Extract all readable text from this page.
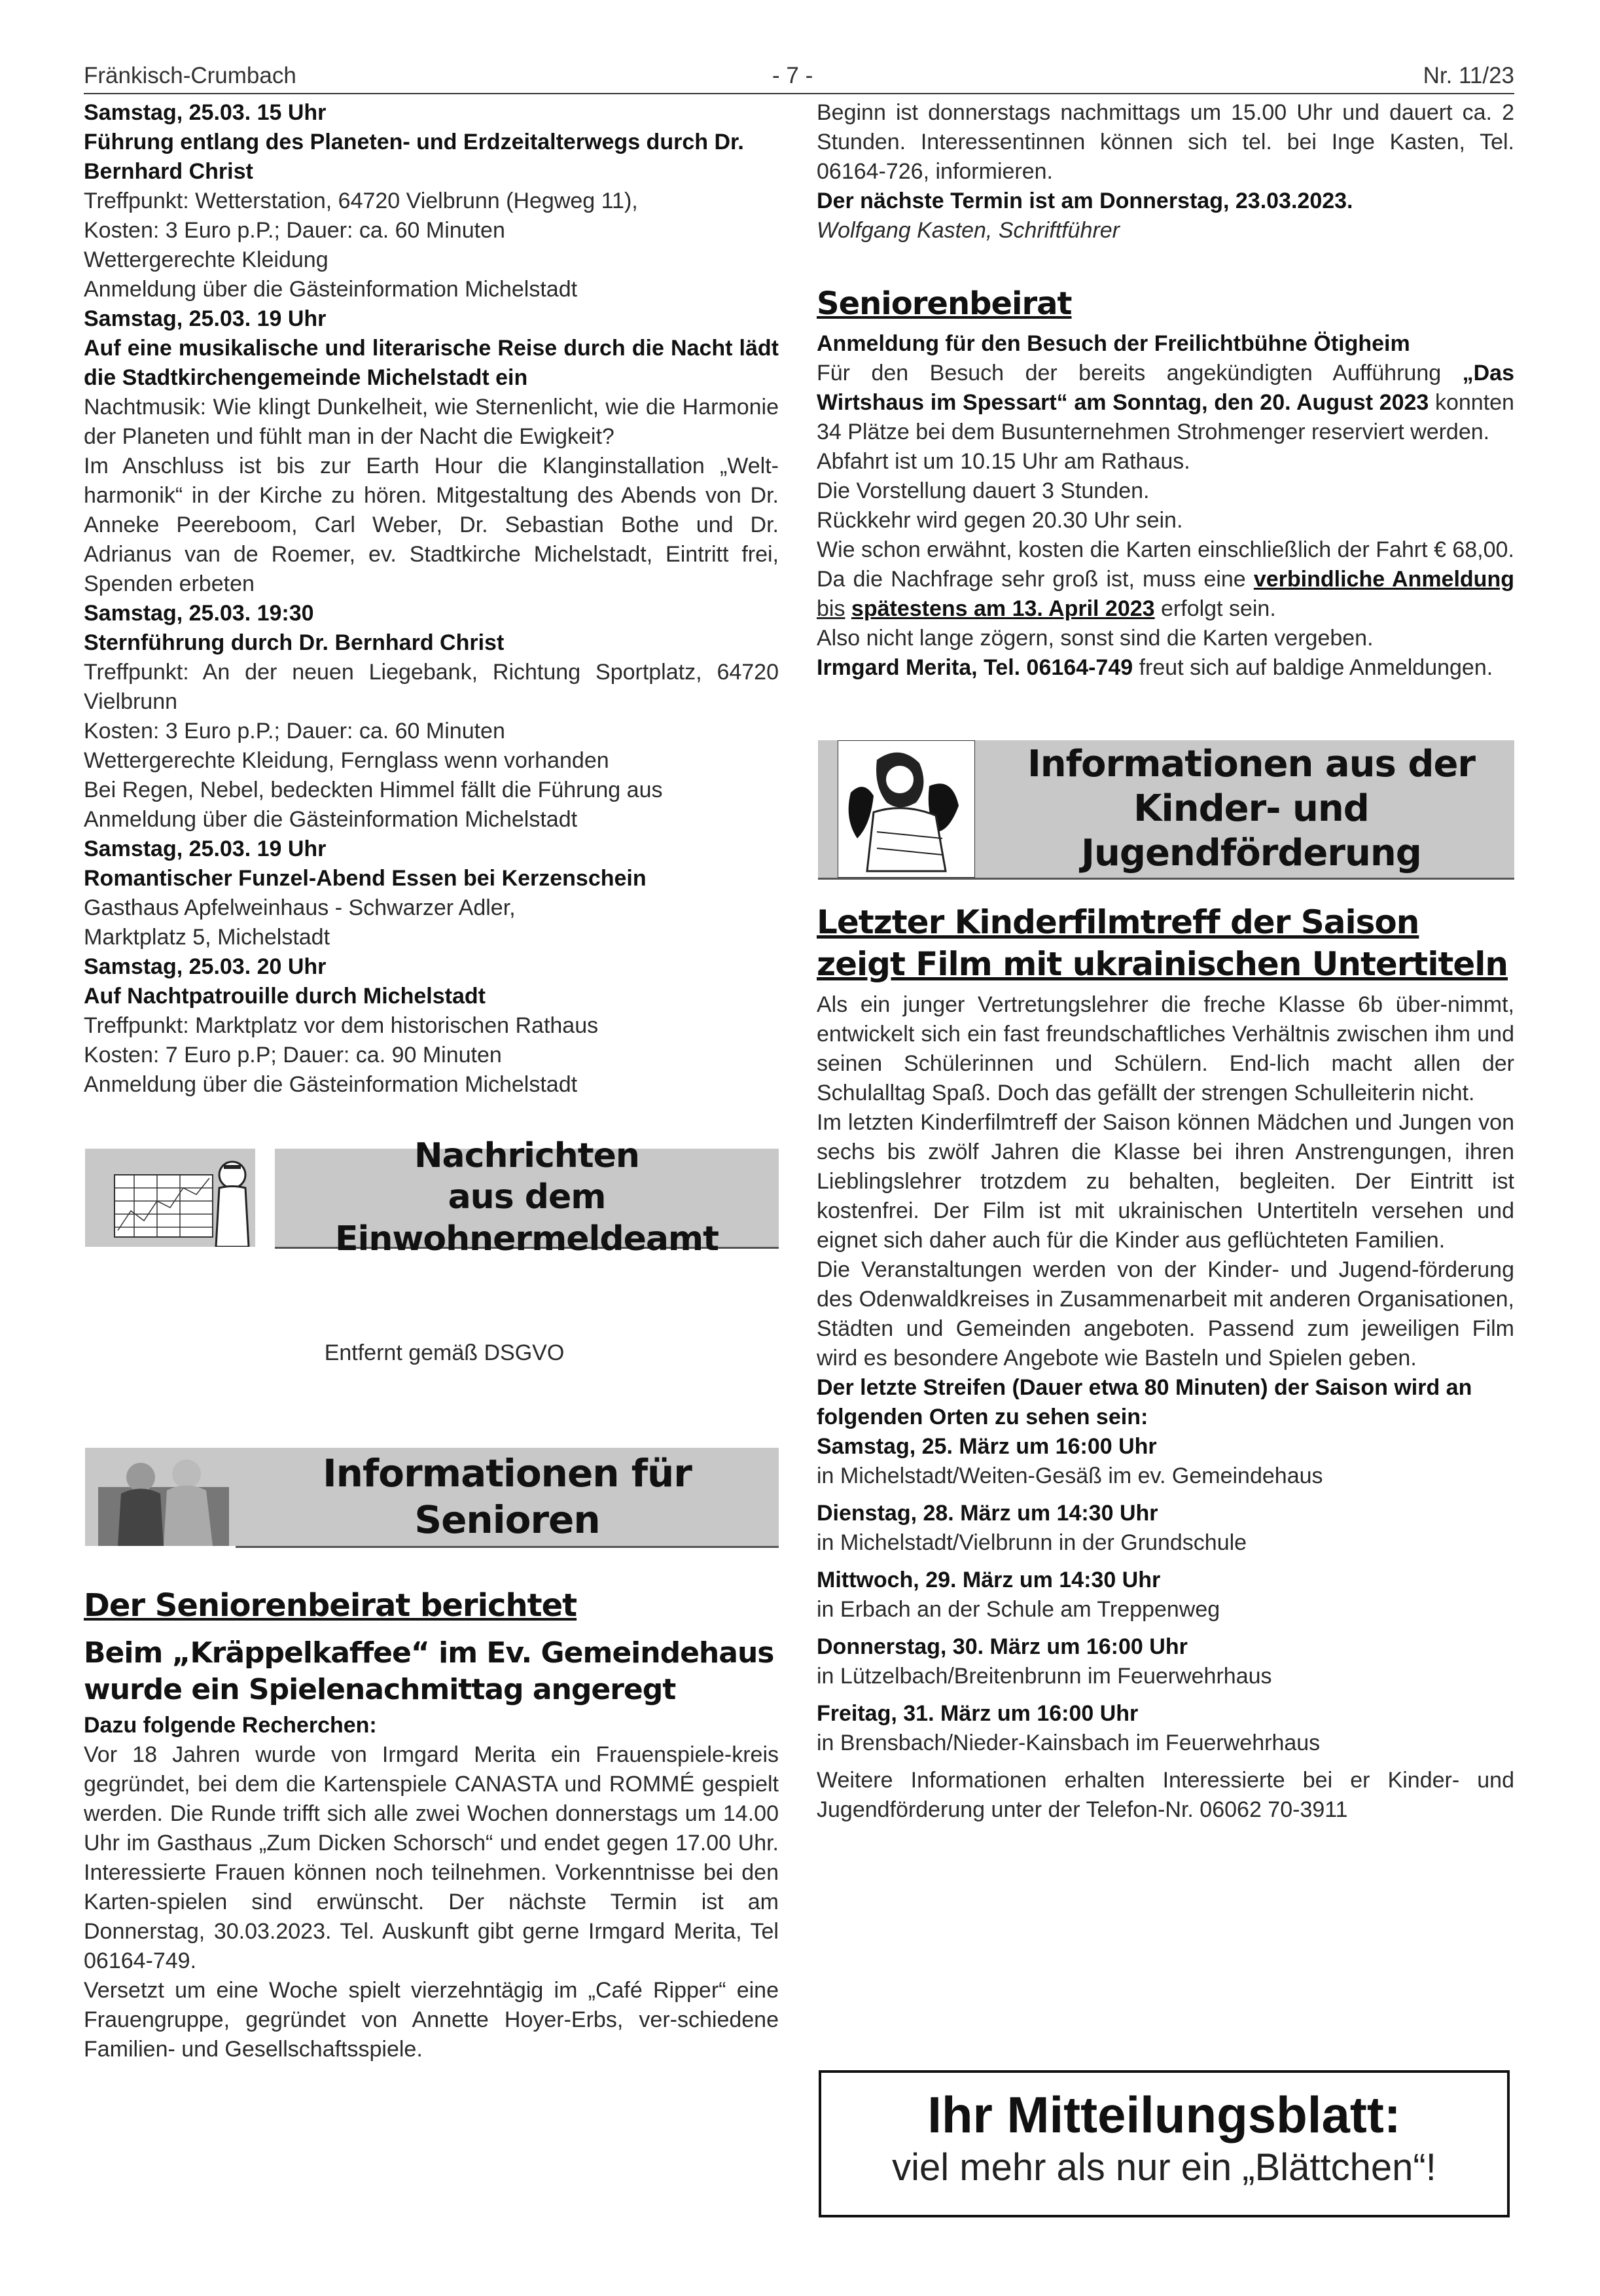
Fränkisch-Crumbach	- 7 -	Nr. 11/23

Samstag, 25.03. 15 Uhr

Führung entlang des Planeten- und Erdzeitalterwegs durch Dr. Bernhard Christ

Treffpunkt: Wetterstation, 64720 Vielbrunn (Hegweg 11),

Kosten: 3 Euro p.P.; Dauer: ca. 60 Minuten

Wettergerechte Kleidung

Anmeldung über die Gästeinformation Michelstadt

Samstag, 25.03. 19 Uhr

Auf eine musikalische und literarische Reise durch die Nacht lädt die Stadtkirchengemeinde Michelstadt ein

Nachtmusik: Wie klingt Dunkelheit, wie Sternenlicht, wie die Harmonie der Planeten und fühlt man in der Nacht die Ewigkeit?

Im Anschluss ist bis zur Earth Hour die Klanginstallation „Welt-harmonik“ in der Kirche zu hören. Mitgestaltung des Abends von Dr. Anneke Peereboom, Carl Weber, Dr. Sebastian Bothe und Dr. Adrianus van de Roemer, ev. Stadtkirche Michelstadt, Eintritt frei, Spenden erbeten

Samstag, 25.03. 19:30

Sternführung durch Dr. Bernhard Christ

Treffpunkt: An der neuen Liegebank, Richtung Sportplatz, 64720 Vielbrunn

Kosten: 3 Euro p.P.; Dauer: ca. 60 Minuten

Wettergerechte Kleidung, Fernglass wenn vorhanden

Bei Regen, Nebel, bedeckten Himmel fällt die Führung aus

Anmeldung über die Gästeinformation Michelstadt

Samstag, 25.03. 19 Uhr

Romantischer Funzel-Abend Essen bei Kerzenschein

Gasthaus Apfelweinhaus - Schwarzer Adler,

Marktplatz 5, Michelstadt

Samstag, 25.03. 20 Uhr

Auf Nachtpatrouille durch Michelstadt

Treffpunkt: Marktplatz vor dem historischen Rathaus

Kosten: 7 Euro p.P; Dauer: ca. 90 Minuten

Anmeldung über die Gästeinformation Michelstadt

Nachrichten
aus dem Einwohnermeldeamt

Entfernt gemäß DSGVO

Informationen für Senioren

Der Seniorenbeirat berichtet

Beim „Kräppelkaffee“ im Ev. Gemeindehaus wurde ein Spielenachmittag angeregt

Dazu folgende Recherchen:

Vor 18 Jahren wurde von Irmgard Merita ein Frauenspiele-kreis gegründet, bei dem die Kartenspiele CANASTA und ROMMÉ gespielt werden. Die Runde trifft sich alle zwei Wochen donnerstags um 14.00 Uhr im Gasthaus „Zum Dicken Schorsch“ und endet gegen 17.00 Uhr. Interessierte Frauen können noch teilnehmen. Vorkenntnisse bei den Karten-spielen sind erwünscht. Der nächste Termin ist am Donnerstag, 30.03.2023. Tel. Auskunft gibt gerne Irmgard Merita, Tel 06164-749.

Versetzt um eine Woche spielt vierzehntägig im „Café Ripper“ eine Frauengruppe, gegründet von Annette Hoyer-Erbs, ver-schiedene Familien- und Gesellschaftsspiele.

Beginn ist donnerstags nachmittags um 15.00 Uhr und dauert ca. 2 Stunden. Interessentinnen können sich tel. bei Inge Kasten, Tel. 06164-726, informieren.

Der nächste Termin ist am Donnerstag, 23.03.2023.

Wolfgang Kasten, Schriftführer

Seniorenbeirat

Anmeldung für den Besuch der Freilichtbühne Ötigheim

Für den Besuch der bereits angekündigten Aufführung „Das Wirtshaus im Spessart“ am Sonntag, den 20. August 2023 konnten 34 Plätze bei dem Busunternehmen Strohmenger reserviert werden.

Abfahrt ist um 10.15 Uhr am Rathaus.

Die Vorstellung dauert 3 Stunden.

Rückkehr wird gegen 20.30 Uhr sein.

Wie schon erwähnt, kosten die Karten einschließlich der Fahrt € 68,00.

Da die Nachfrage sehr groß ist, muss eine verbindliche Anmeldung bis spätestens am 13. April 2023 erfolgt sein.

Also nicht lange zögern, sonst sind die Karten vergeben.

Irmgard Merita, Tel. 06164-749 freut sich auf baldige Anmeldungen.

Informationen aus der
Kinder- und Jugendförderung

Letzter Kinderfilmtreff der Saison zeigt Film mit ukrainischen Untertiteln

Als ein junger Vertretungslehrer die freche Klasse 6b über-nimmt, entwickelt sich ein fast freundschaftliches Verhältnis zwischen ihm und seinen Schülerinnen und Schülern. End-lich macht allen der Schulalltag Spaß. Doch das gefällt der strengen Schulleiterin nicht.

Im letzten Kinderfilmtreff der Saison können Mädchen und Jungen von sechs bis zwölf Jahren die Klasse bei ihren Anstrengungen, ihren Lieblingslehrer trotzdem zu behalten, begleiten. Der Eintritt ist kostenfrei. Der Film ist mit ukrainischen Untertiteln versehen und eignet sich daher auch für die Kinder aus geflüchteten Familien.

Die Veranstaltungen werden von der Kinder- und Jugend-förderung des Odenwaldkreises in Zusammenarbeit mit anderen Organisationen, Städten und Gemeinden angeboten. Passend zum jeweiligen Film wird es besondere Angebote wie Basteln und Spielen geben.

Der letzte Streifen (Dauer etwa 80 Minuten) der Saison wird an folgenden Orten zu sehen sein:

Samstag, 25. März um 16:00 Uhr

in Michelstadt/Weiten-Gesäß im ev. Gemeindehaus

Dienstag, 28. März um 14:30 Uhr

in Michelstadt/Vielbrunn in der Grundschule

Mittwoch, 29. März um 14:30 Uhr

in Erbach an der Schule am Treppenweg

Donnerstag, 30. März um 16:00 Uhr

in Lützelbach/Breitenbrunn im Feuerwehrhaus

Freitag, 31. März um 16:00 Uhr

in Brensbach/Nieder-Kainsbach im Feuerwehrhaus

Weitere Informationen erhalten Interessierte bei er Kinder- und Jugendförderung unter der Telefon-Nr. 06062 70-3911

Ihr Mitteilungsblatt:
viel mehr als nur ein „Blättchen“!
